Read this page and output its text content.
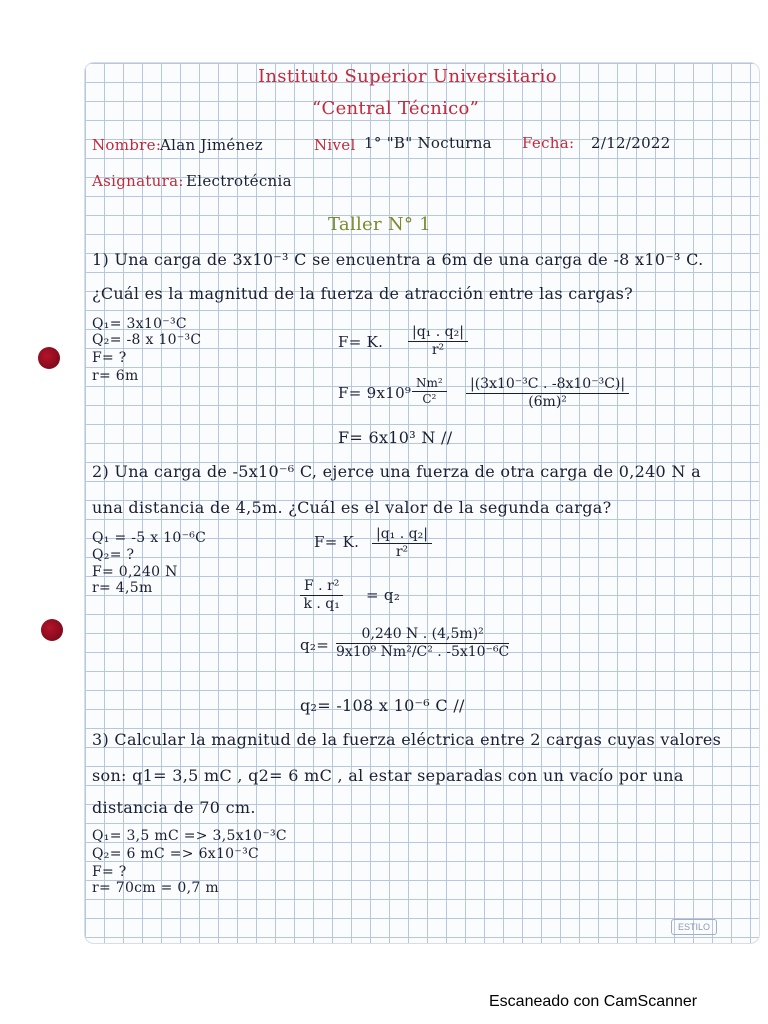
Instituto Superior Universitario
“Central Técnico”
Nombre:
Alan Jiménez	Nivel 1° "B" Nocturna Fecha: 2/12/2022
Asignatura: Electrotécnia
Taller N° 1
1) Una carga de 3x10⁻³ C se encuentra a 6m de una carga de -8 x10⁻³ C.
¿Cuál es la magnitud de la fuerza de atracción entre las cargas?
Q₁= 3x10⁻³C
Q₂= -8 x 10⁻³C
F= ?
r= 6m
F= K. $\frac{\text{|q₁ . q₂|}}{\text{r²}}$
$F= 9x10^9 \frac{\text{Nm²}}{\text{C²}} \frac{\text{|(3x10⁻³C . -8x10⁻³C)|}}{\text{(6m)²}}$
F= 6x10³ N //
2) Una carga de -5x10⁻⁶ C, ejerce una fuerza de otra carga de 0,240 N a
una distancia de 4,5m. ¿Cuál es el valor de la segunda carga?
Q₁ = -5 x 10⁻⁶C
Q₂= ?
F= 0,240 N
r= 4,5m
F= K. $\frac{\text{|q₁ . q₂|}}{\text{r²}}$
$\frac{\text{F . r²}}{\text{k . q₁}} = q_2$
$q_2= \frac{\text{0,240 N . (4,5m)²}}{\text{9x10⁹ Nm²/C² . -5x10⁻⁶C}}$
q₂= -108 x 10⁻⁶ C //
3) Calcular la magnitud de la fuerza eléctrica entre 2 cargas cuyas valores
son: q1= 3,5 mC , q2= 6 mC , al estar separadas con un vacío por una
distancia de 70 cm.
Q₁= 3,5 mC => 3,5x10⁻³C
Q₂= 6 mC => 6x10⁻³C
F= ?
r= 70cm = 0,7 m
ESTILO
Escaneado con CamScanner
